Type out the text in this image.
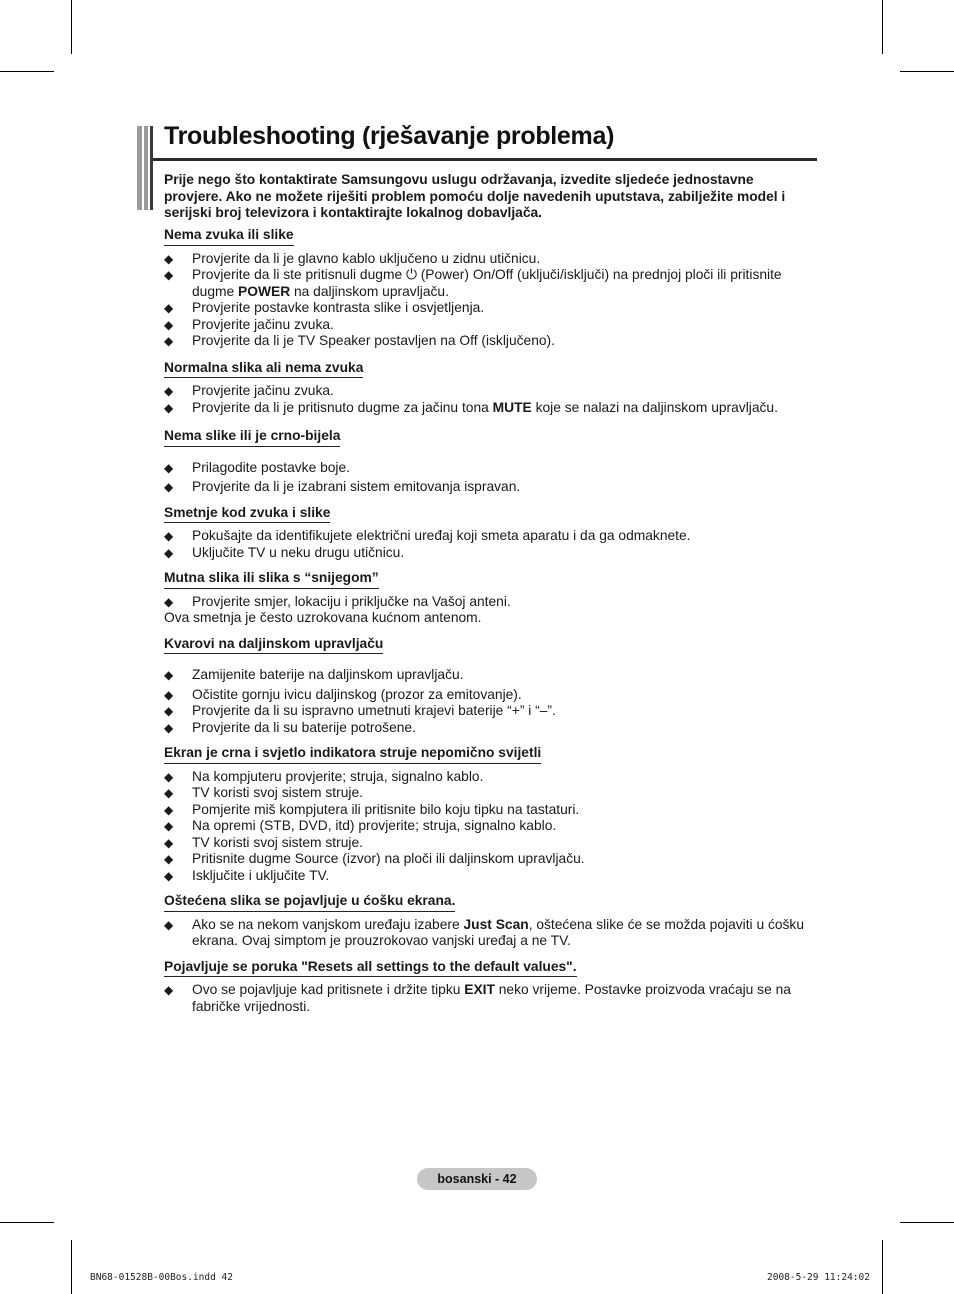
Troubleshooting (rješavanje problema)

Prije nego što kontaktirate Samsungovu uslugu održavanja, izvedite sljedeće jednostavne provjere. Ako ne možete riješiti problem pomoću dolje navedenih uputstava, zabilježite model i serijski broj televizora i kontaktirajte lokalnog dobavljača.

Nema zvuka ili slike
◆ Provjerite da li je glavno kablo uključeno u zidnu utičnicu.
◆ Provjerite da li ste pritisnuli dugme ⏻ (Power) On/Off (uključi/isključi) na prednjoj ploči ili pritisnite dugme POWER na daljinskom upravljaču.
◆ Provjerite postavke kontrasta slike i osvjetljenja.
◆ Provjerite jačinu zvuka.
◆ Provjerite da li je TV Speaker postavljen na Off (isključeno).
Normalna slika ali nema zvuka
◆ Provjerite jačinu zvuka.
◆ Provjerite da li je pritisnuto dugme za jačinu tona MUTE koje se nalazi na daljinskom upravljaču.
Nema slike ili je crno-bijela
◆ Prilagodite postavke boje.
◆ Provjerite da li je izabrani sistem emitovanja ispravan.
Smetnje kod zvuka i slike
◆ Pokušajte da identifikujete električni uređaj koji smeta aparatu i da ga odmaknete.
◆ Uključite TV u neku drugu utičnicu.
Mutna slika ili slika s “snijegom”
◆ Provjerite smjer, lokaciju i priključke na Vašoj anteni.

Ova smetnja je često uzrokovana kućnom antenom.

Kvarovi na daljinskom upravljaču
◆ Zamijenite baterije na daljinskom upravljaču.
◆ Očistite gornju ivicu daljinskog (prozor za emitovanje).
◆ Provjerite da li su ispravno umetnuti krajevi baterije “+” i “–”.
◆ Provjerite da li su baterije potrošene.
Ekran je crna i svjetlo indikatora struje nepomično svijetli
◆ Na kompjuteru provjerite; struja, signalno kablo.
◆ TV koristi svoj sistem struje.
◆ Pomjerite miš kompjutera ili pritisnite bilo koju tipku na tastaturi.
◆ Na opremi (STB, DVD, itd) provjerite; struja, signalno kablo.
◆ TV koristi svoj sistem struje.
◆ Pritisnite dugme Source (izvor) na ploči ili daljinskom upravljaču.
◆ Isključite i uključite TV.
Oštećena slika se pojavljuje u ćošku ekrana.
◆ Ako se na nekom vanjskom uređaju izabere Just Scan, oštećena slike će se možda pojaviti u ćošku ekrana. Ovaj simptom je prouzrokovao vanjski uređaj a ne TV.
Pojavljuje se poruka "Resets all settings to the default values".
◆ Ovo se pojavljuje kad pritisnete i držite tipku EXIT neko vrijeme. Postavke proizvoda vraćaju se na fabričke vrijednosti.
bosanski - 42
BN68-01528B-00Bos.indd 42	2008-5-29 11:24:02
